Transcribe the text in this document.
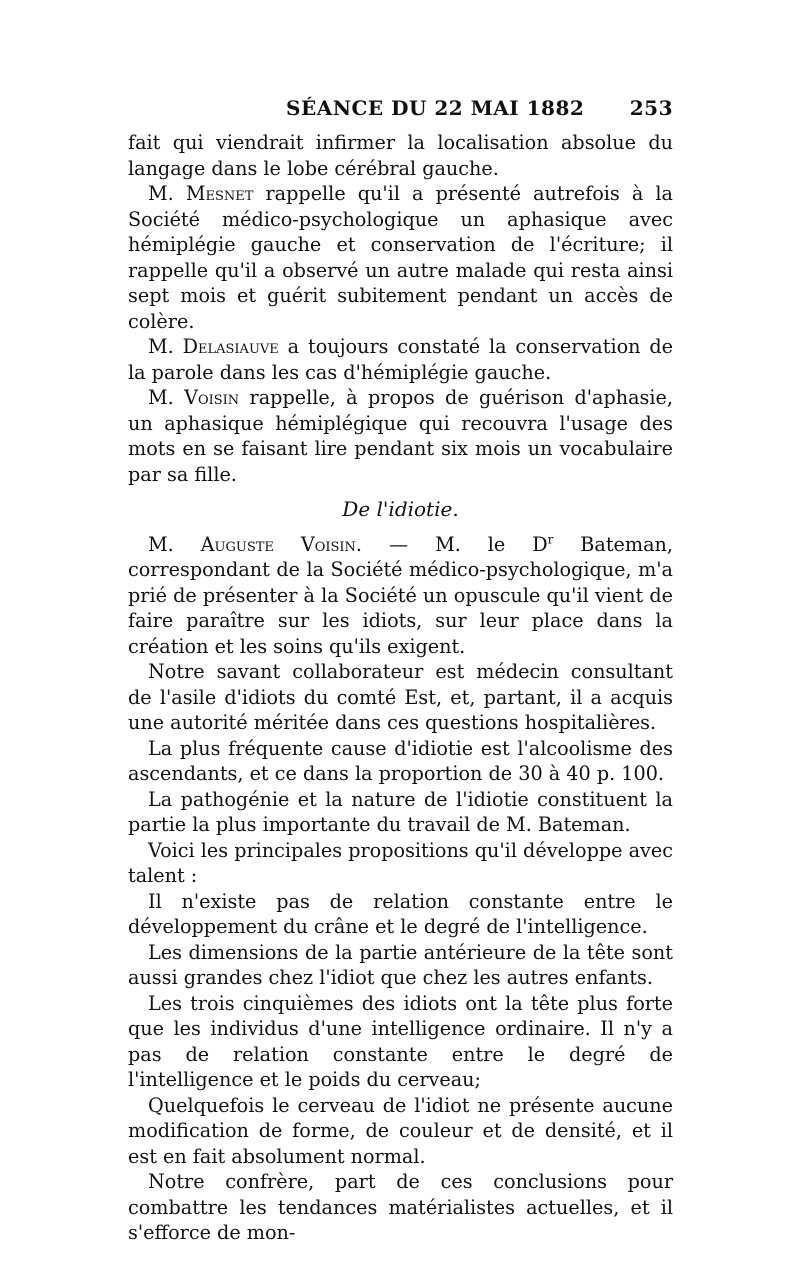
SÉANCE DU 22 MAI 1882 253

fait qui viendrait infirmer la localisation absolue du langage dans le lobe cérébral gauche.

M. Mesnet rappelle qu'il a présenté autrefois à la Société médico-psychologique un aphasique avec hémiplégie gauche et conservation de l'écriture; il rappelle qu'il a observé un autre malade qui resta ainsi sept mois et guérit subitement pendant un accès de colère.

M. Delasiauve a toujours constaté la conservation de la parole dans les cas d'hémiplégie gauche.

M. Voisin rappelle, à propos de guérison d'aphasie, un aphasique hémiplégique qui recouvra l'usage des mots en se faisant lire pendant six mois un vocabulaire par sa fille.

De l'idiotie.

M. Auguste Voisin. — M. le $D^r$ Bateman, correspondant de la Société médico-psychologique, m'a prié de présenter à la Société un opuscule qu'il vient de faire paraître sur les idiots, sur leur place dans la création et les soins qu'ils exigent.

Notre savant collaborateur est médecin consultant de l'asile d'idiots du comté Est, et, partant, il a acquis une autorité méritée dans ces questions hospitalières.

La plus fréquente cause d'idiotie est l'alcoolisme des ascendants, et ce dans la proportion de 30 à 40 p. 100.

La pathogénie et la nature de l'idiotie constituent la partie la plus importante du travail de M. Bateman.

Voici les principales propositions qu'il développe avec talent :

Il n'existe pas de relation constante entre le développement du crâne et le degré de l'intelligence.

Les dimensions de la partie antérieure de la tête sont aussi grandes chez l'idiot que chez les autres enfants.

Les trois cinquièmes des idiots ont la tête plus forte que les individus d'une intelligence ordinaire. Il n'y a pas de relation constante entre le degré de l'intelligence et le poids du cerveau;

Quelquefois le cerveau de l'idiot ne présente aucune modification de forme, de couleur et de densité, et il est en fait absolument normal.

Notre confrère, part de ces conclusions pour combattre les tendances matérialistes actuelles, et il s'efforce de mon-
